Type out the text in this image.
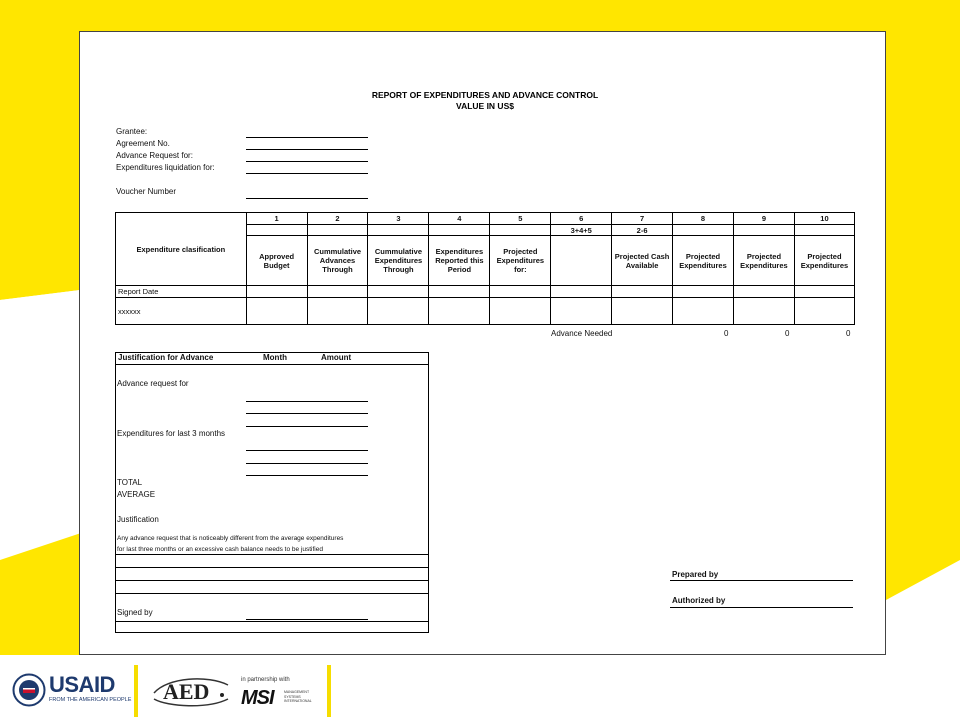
REPORT OF EXPENDITURES AND ADVANCE CONTROL
VALUE IN US$
Grantee:
Agreement No.
Advance Request for:
Expenditures liquidation for:
Voucher Number
Expenditure clasification	1	2	3	4	5	6	7	8	9	10
						3+4+5	2-6			
	Approved Budget	Cummulative Advances Through	Cummulative Expenditures Through	Expenditures Reported this Period	Projected Expenditures for:		Projected Cash Available	Projected Expenditures	Projected Expenditures	Projected Expenditures
Report Date										
xxxxxx										
Advance Needed	0	0	0
Justification for Advance	Month	Amount
Advance request for
Expenditures for last 3 months
TOTAL
AVERAGE
Justification
Any advance request that is noticeably different from the average expenditures
for last three months or an excessive cash balance needs to be justified
Signed by
Prepared by
Authorized by
USAID
FROM THE AMERICAN PEOPLE AED	in partnership with
MSI	MANAGEMENT SYSTEMS INTERNATIONAL
